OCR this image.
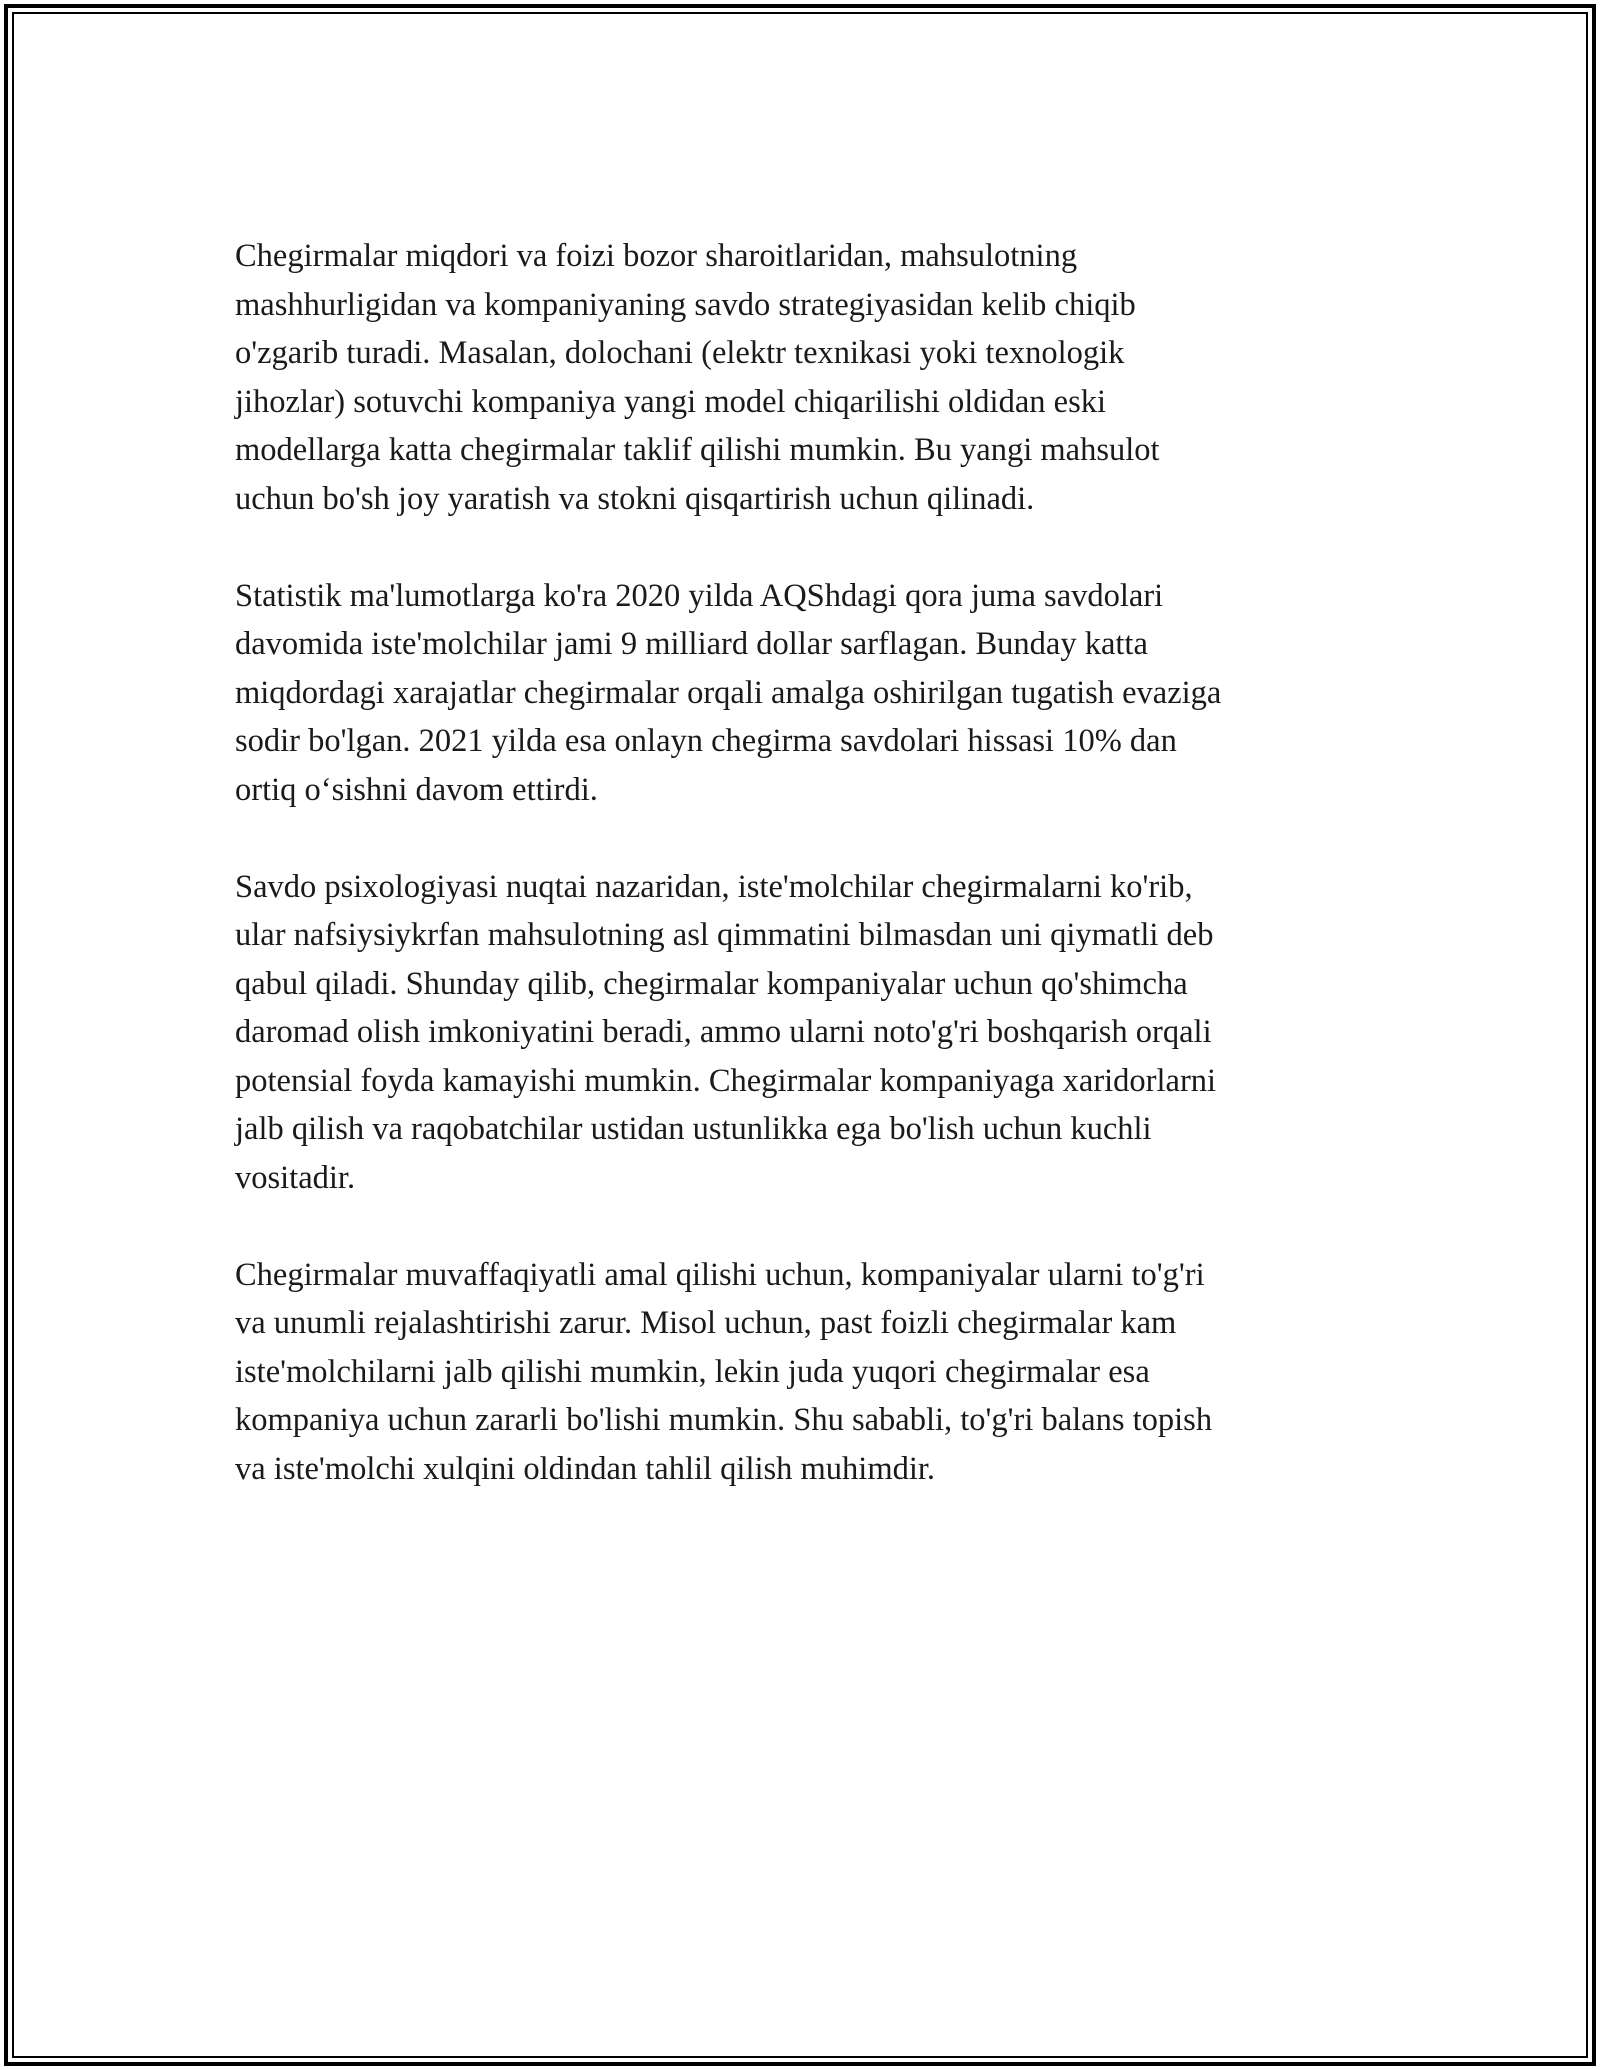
Chegirmalar miqdori va foizi bozor sharoitlaridan, mahsulotning

mashhurligidan va kompaniyaning savdo strategiyasidan kelib chiqib

o'zgarib turadi. Masalan, dolochani (elektr texnikasi yoki texnologik

jihozlar) sotuvchi kompaniya yangi model chiqarilishi oldidan eski

modellarga katta chegirmalar taklif qilishi mumkin. Bu yangi mahsulot

uchun bo'sh joy yaratish va stokni qisqartirish uchun qilinadi.

Statistik ma'lumotlarga ko'ra 2020 yilda AQShdagi qora juma savdolari

davomida iste'molchilar jami 9 milliard dollar sarflagan. Bunday katta

miqdordagi xarajatlar chegirmalar orqali amalga oshirilgan tugatish evaziga

sodir bo'lgan. 2021 yilda esa onlayn chegirma savdolari hissasi 10% dan

ortiq o‘sishni davom ettirdi.

Savdo psixologiyasi nuqtai nazaridan, iste'molchilar chegirmalarni ko'rib,

ular nafsiysiykrfan mahsulotning asl qimmatini bilmasdan uni qiymatli deb

qabul qiladi. Shunday qilib, chegirmalar kompaniyalar uchun qo'shimcha

daromad olish imkoniyatini beradi, ammo ularni noto'g'ri boshqarish orqali

potensial foyda kamayishi mumkin. Chegirmalar kompaniyaga xaridorlarni

jalb qilish va raqobatchilar ustidan ustunlikka ega bo'lish uchun kuchli

vositadir.

Chegirmalar muvaffaqiyatli amal qilishi uchun, kompaniyalar ularni to'g'ri

va unumli rejalashtirishi zarur. Misol uchun, past foizli chegirmalar kam

iste'molchilarni jalb qilishi mumkin, lekin juda yuqori chegirmalar esa

kompaniya uchun zararli bo'lishi mumkin. Shu sababli, to'g'ri balans topish

va iste'molchi xulqini oldindan tahlil qilish muhimdir.
